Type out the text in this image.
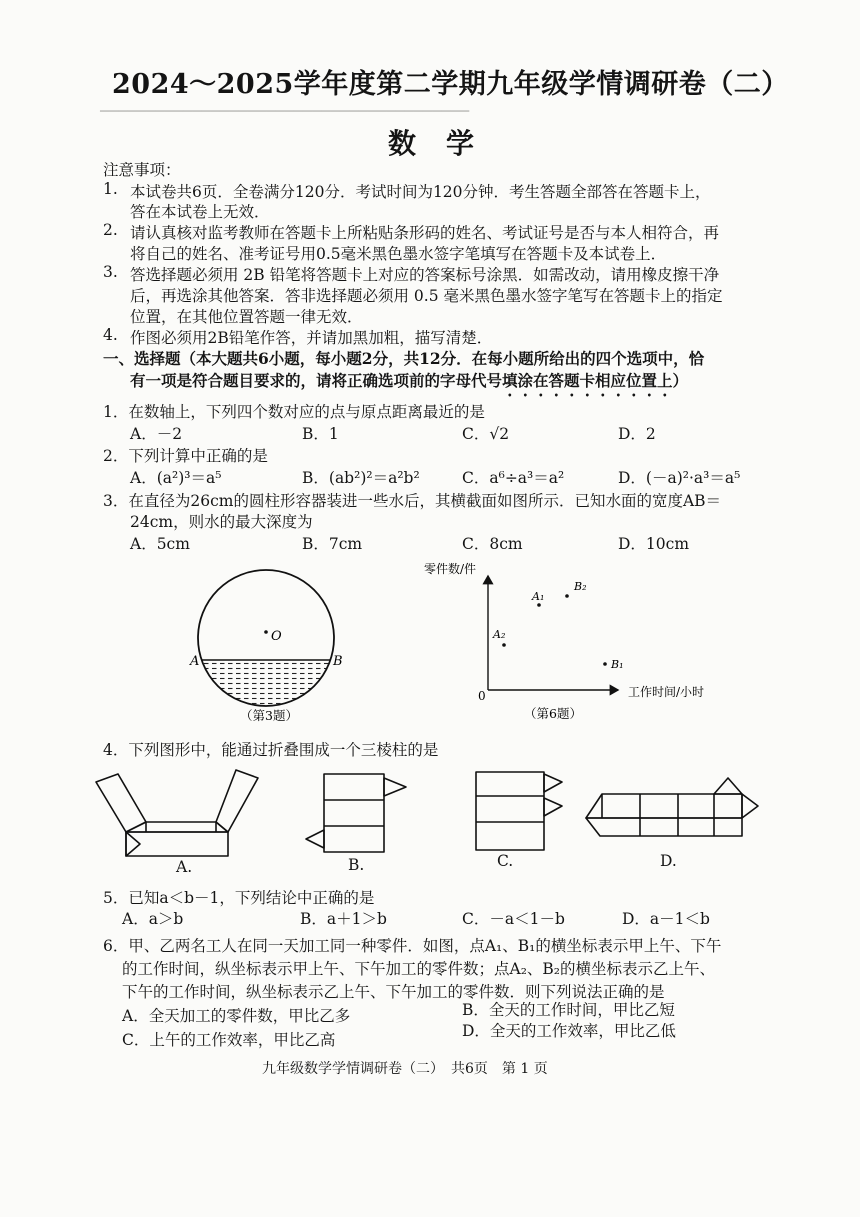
2024～2025学年度第二学期九年级学情调研卷（二）
数学
▁▁▁▁▁▁▁▁▁▁▁▁▁▁▁▁▁▁▁▁▁▁▁▁▁▁▁▁▁▁▁▁▁▁▁▁▁▁▁▁
注意事项：
1. 本试卷共6页．全卷满分120分．考试时间为120分钟．考生答题全部答在答题卡上，
答在本试卷上无效．
2. 请认真核对监考教师在答题卡上所粘贴条形码的姓名、考试证号是否与本人相符合，再
将自己的姓名、准考证号用0.5毫米黑色墨水签字笔填写在答题卡及本试卷上．
3. 答选择题必须用 2B 铅笔将答题卡上对应的答案标号涂黑．如需改动，请用橡皮擦干净
后，再选涂其他答案．答非选择题必须用 0.5 毫米黑色墨水签字笔写在答题卡上的指定
位置，在其他位置答题一律无效．
4. 作图必须用2B铅笔作答，并请加黑加粗，描写清楚．
一、选择题（本大题共6小题，每小题2分，共12分．在每小题所给出的四个选项中，恰
有一项是符合题目要求的，请将正确选项前的字母代号填涂在答题卡相应位置上）
1．在数轴上，下列四个数对应的点与原点距离最近的是
A．－2	B．1	C．√2	D．2
2．下列计算中正确的是
A．(a²)³＝a⁵	B．(ab²)²＝a²b²	C．a⁶÷a³＝a²	D．(－a)²·a³＝a⁵
3．在直径为26cm的圆柱形容器装进一些水后，其横截面如图所示．已知水面的宽度AB＝
24cm，则水的最大深度为
A．5cm	B．7cm	C．8cm	D．10cm
O
A	B
（第3题）
零件数/件
0	工作时间/小时
A₁
B₂
A₂
B₁
（第6题）
4．下列图形中，能通过折叠围成一个三棱柱的是
A.	B.	C.	D.
5．已知a＜b－1，下列结论中正确的是
A．a＞b	B．a＋1＞b	C．－a＜1－b	D．a－1＜b
6．甲、乙两名工人在同一天加工同一种零件．如图，点A₁、B₁的横坐标表示甲上午、下午
的工作时间，纵坐标表示甲上午、下午加工的零件数；点A₂、B₂的横坐标表示乙上午、
下午的工作时间，纵坐标表示乙上午、下午加工的零件数．则下列说法正确的是
A．全天加工的零件数，甲比乙多	B．全天的工作时间，甲比乙短
C．上午的工作效率，甲比乙高	D．全天的工作效率，甲比乙低
九年级数学学情调研卷（二）　共6页　第 1 页
